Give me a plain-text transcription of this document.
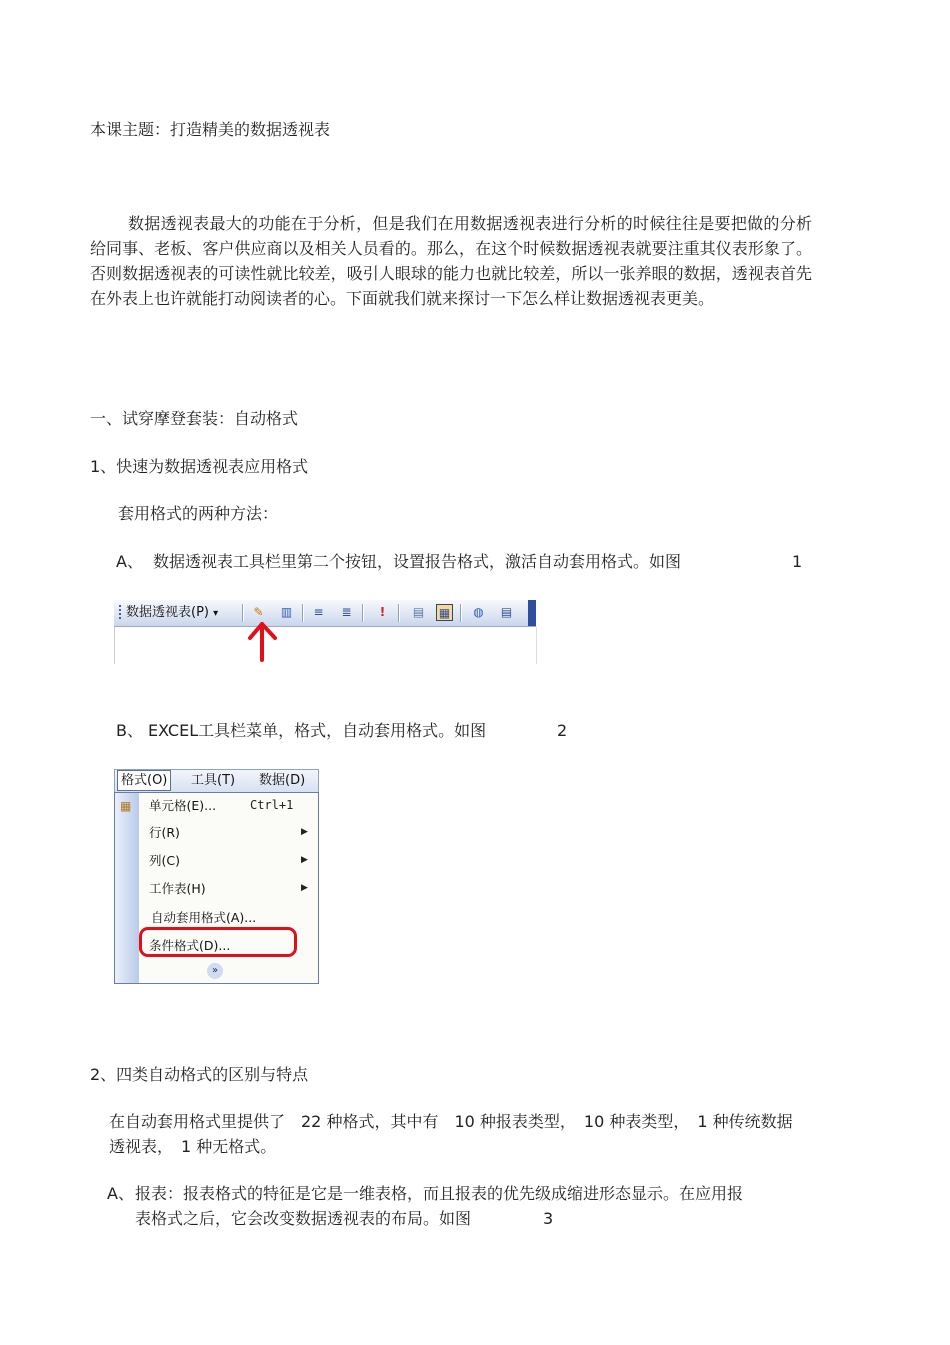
本课主题：打造精美的数据透视表
数据透视表最大的功能在于分析，但是我们在用数据透视表进行分析的时候往往是要把做的分析给同事、老板、客户供应商以及相关人员看的。那么，在这个时候数据透视表就要注重其仪表形象了。否则数据透视表的可读性就比较差，吸引人眼球的能力也就比较差，所以一张养眼的数据，透视表首先在外表上也许就能打动阅读者的心。下面就我们就来探讨一下怎么样让数据透视表更美。
一、试穿摩登套装：自动格式
1、快速为数据透视表应用格式
套用格式的两种方法：
A、 数据透视表工具栏里第二个按钮，设置报告格式，激活自动套用格式。如图	1
数据透视表(P) ▾	✎ ▥ ≡ ≣	!	▤ ▦ ◍ ▤
B、 EXCEL工具栏菜单，格式，自动套用格式。如图	2
格式(O)	工具(T) 数据(D)
▦ 单元格(E)...	Ctrl+1
行(R)	▶
列(C)	▶
工作表(H)	▶
自动套用格式(A)...
条件格式(D)...
»
2、四类自动格式的区别与特点
在自动套用格式里提供了　22 种格式，其中有　10 种报表类型，　10 种表类型，　1 种传统数据
透视表，　1 种无格式。
A、 报表：报表格式的特征是它是一维表格，而且报表的优先级成缩进形态显示。在应用报
表格式之后，它会改变数据透视表的布局。如图	3
